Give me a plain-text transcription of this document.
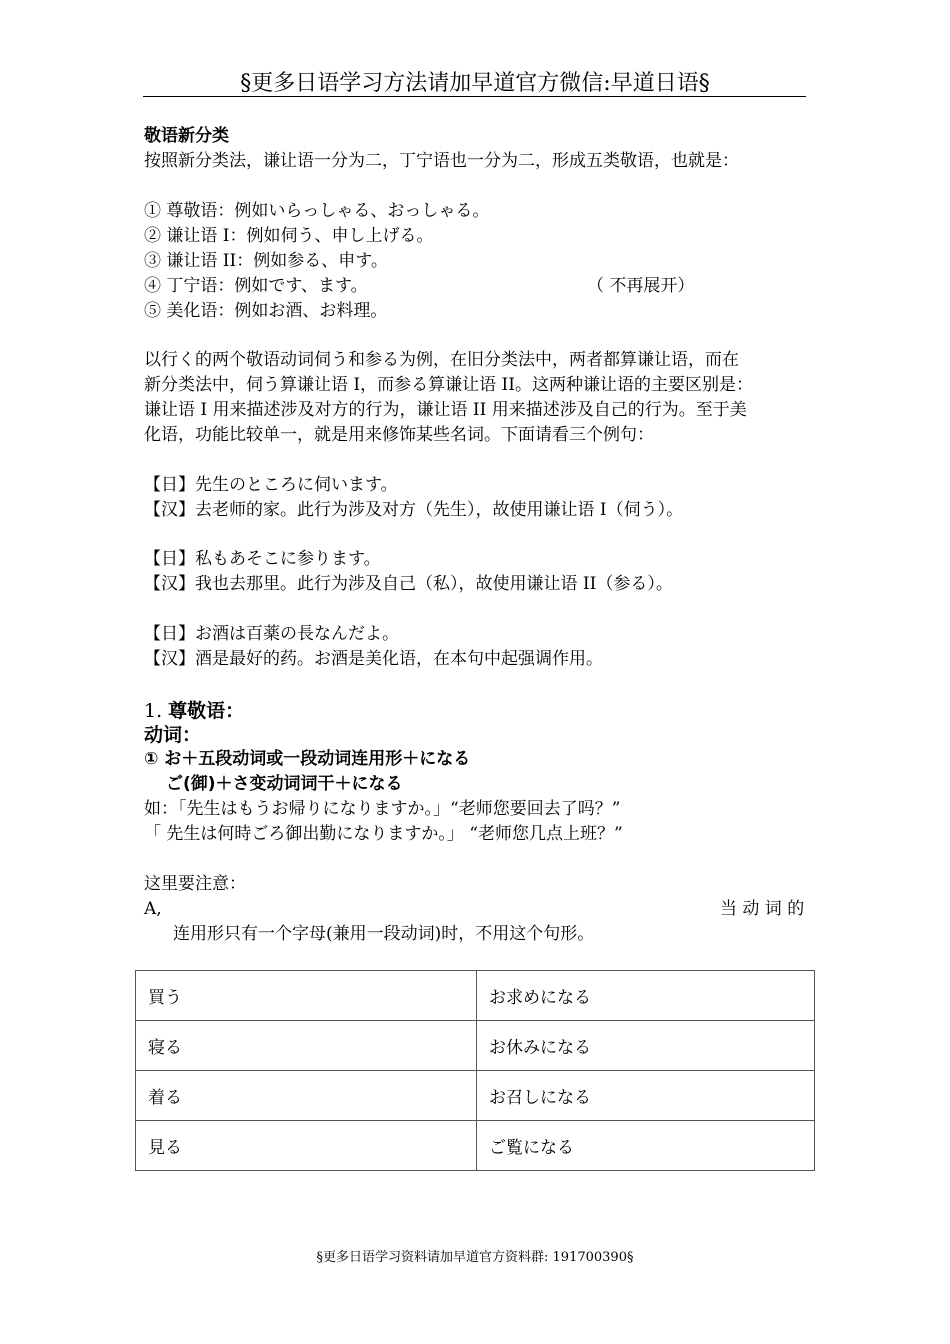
§更多日语学习方法请加早道官方微信:早道日语§
敬语新分类
按照新分类法，谦让语一分为二，丁宁语也一分为二，形成五类敬语，也就是：
① 尊敬语：例如いらっしゃる、おっしゃる。
② 谦让语 I：例如伺う、申し上げる。
③ 谦让语 II：例如参る、申す。
④ 丁宁语：例如です、ます。	（ 不再展开）
⑤ 美化语：例如お酒、お料理。
以行く的两个敬语动词伺う和参る为例，在旧分类法中，两者都算谦让语，而在
新分类法中，伺う算谦让语 I，而参る算谦让语 II。这两种谦让语的主要区别是：
谦让语 I 用来描述涉及对方的行为，谦让语 II 用来描述涉及自己的行为。至于美
化语，功能比较单一，就是用来修饰某些名词。下面请看三个例句：
【日】先生のところに伺います。
【汉】去老师的家。此行为涉及对方（先生），故使用谦让语 I（伺う）。
【日】私もあそこに参ります。
【汉】我也去那里。此行为涉及自己（私），故使用谦让语 II（参る）。
【日】お酒は百薬の長なんだよ。
【汉】酒是最好的药。お酒是美化语，在本句中起强调作用。
1. 尊敬语：
动词：
① お＋五段动词或一段动词连用形＋になる
ご(御)＋さ变动词词干＋になる
如：「先生はもうお帰りになりますか。」“老师您要回去了吗？”
「 先生は何時ごろ御出勤になりますか。」 “老师您几点上班？”
这里要注意：
A,	当 动 词 的
连用形只有一个字母(兼用一段动词)时，不用这个句形。
買う	お求めになる
寝る	お休みになる
着る	お召しになる
見る	ご覧になる
§更多日语学习资料请加早道官方资料群: 191700390§
